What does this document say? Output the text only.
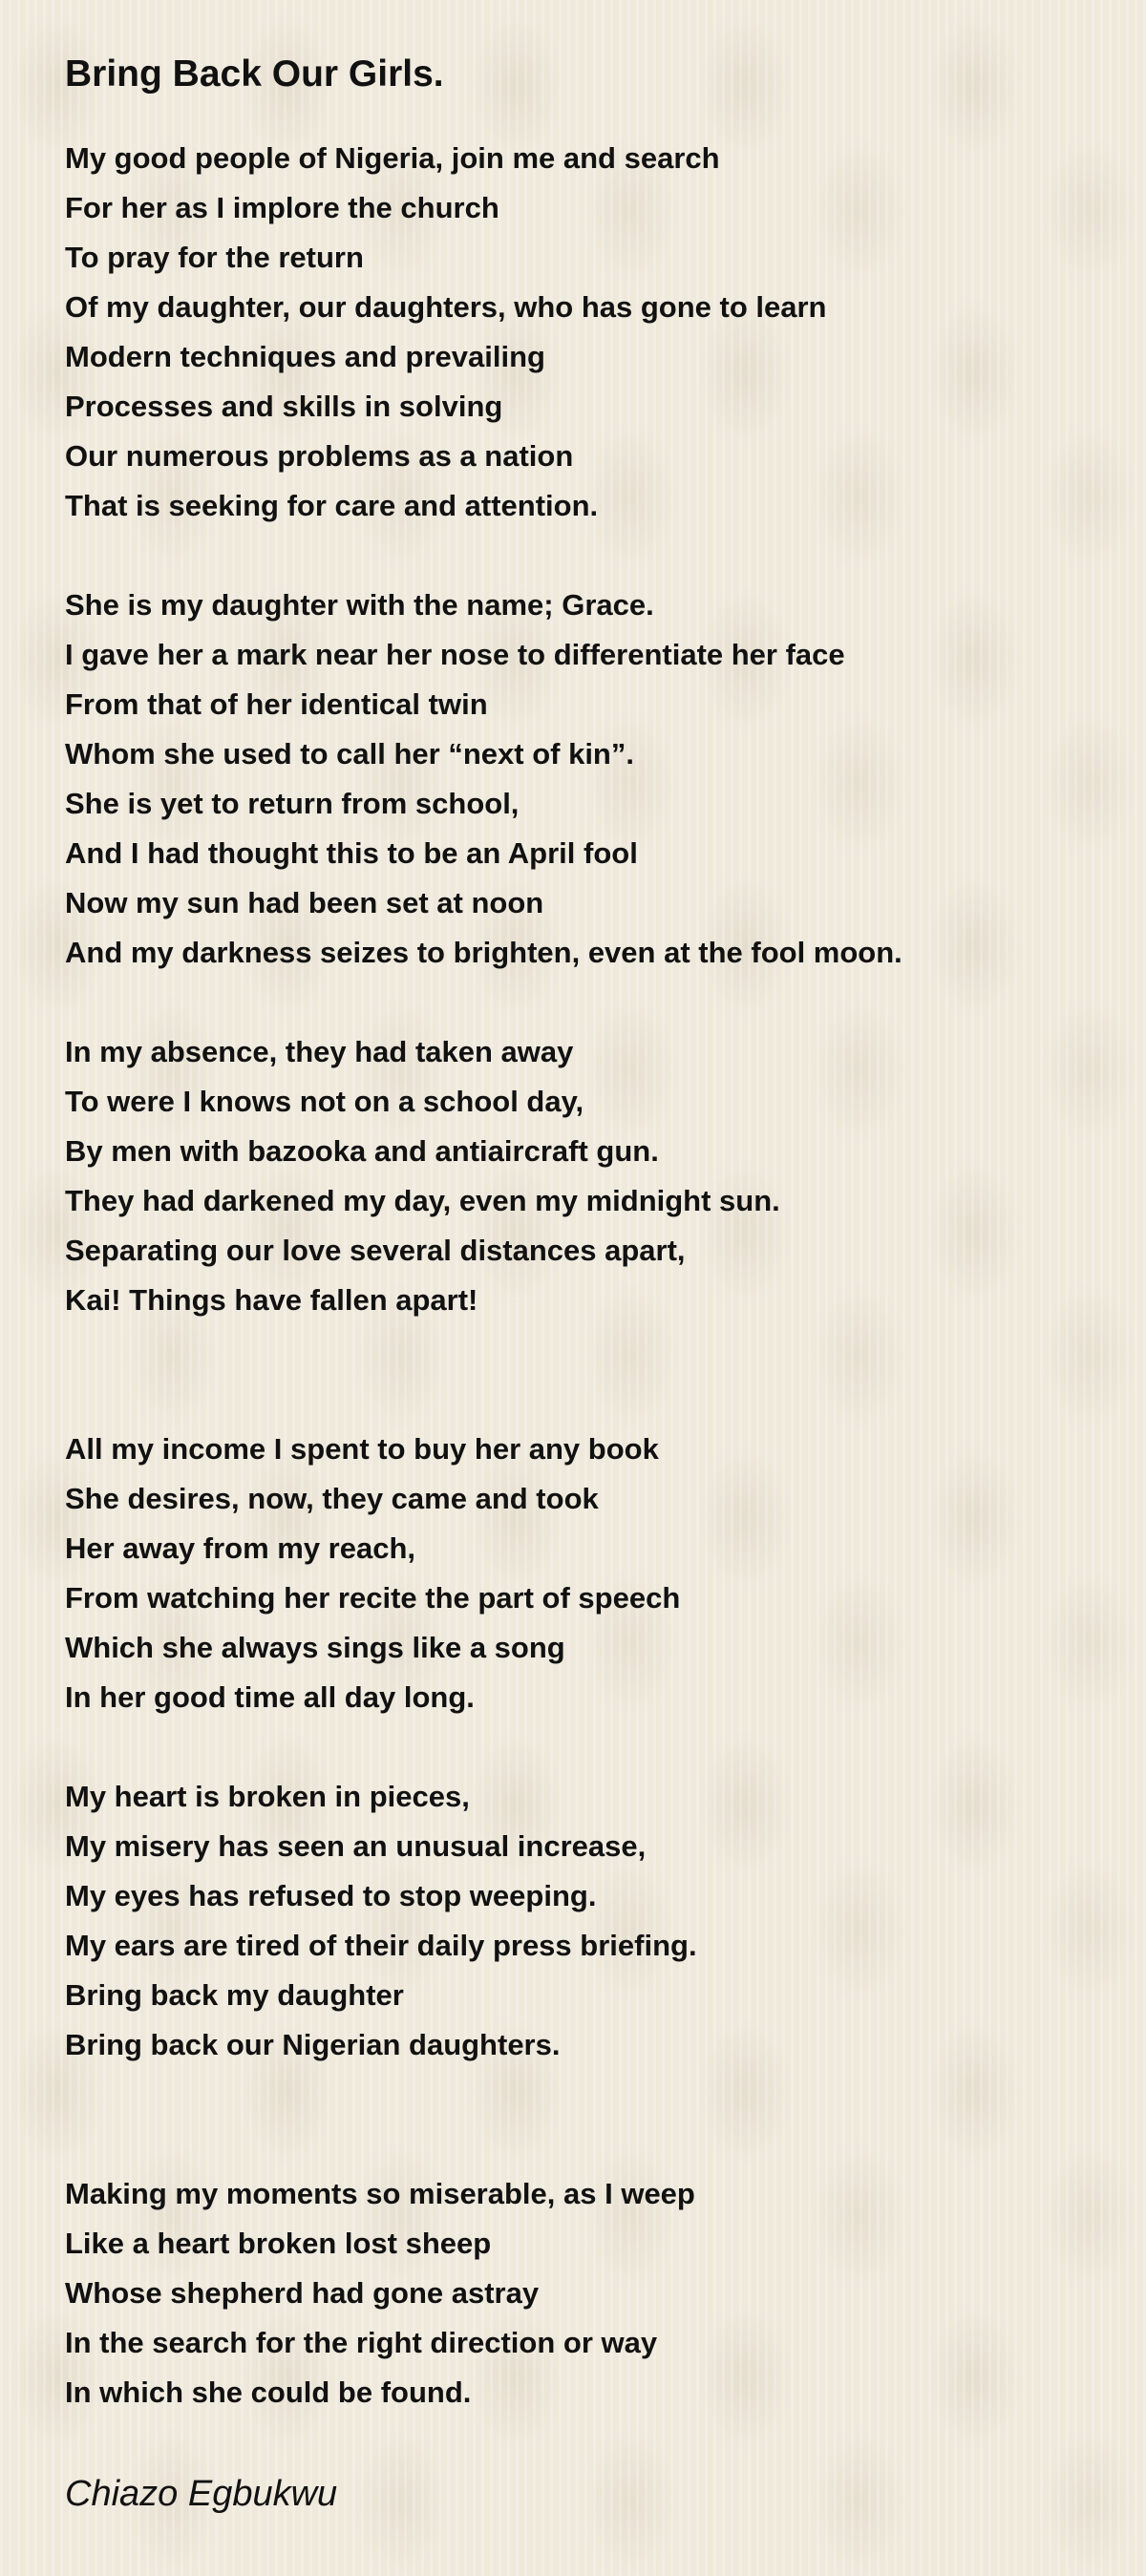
Bring Back Our Girls.
My good people of Nigeria, join me and search
For her as I implore the church
To pray for the return
Of my daughter, our daughters, who has gone to learn
Modern techniques and prevailing
Processes and skills in solving
Our numerous problems as a nation
That is seeking for care and attention.
She is my daughter with the name; Grace.
I gave her a mark near her nose to differentiate her face
From that of her identical twin
Whom she used to call her “next of kin”.
She is yet to return from school,
And I had thought this to be an April fool
Now my sun had been set at noon
And my darkness seizes to brighten, even at the fool moon.
In my absence, they had taken away
To were I knows not on a school day,
By men with bazooka and antiaircraft gun.
They had darkened my day, even my midnight sun.
Separating our love several distances apart,
Kai! Things have fallen apart!
All my income I spent to buy her any book
She desires, now, they came and took
Her away from my reach,
From watching her recite the part of speech
Which she always sings like a song
In her good time all day long.
My heart is broken in pieces,
My misery has seen an unusual increase,
My eyes has refused to stop weeping.
My ears are tired of their daily press briefing.
Bring back my daughter
Bring back our Nigerian daughters.
Making my moments so miserable, as I weep
Like a heart broken lost sheep
Whose shepherd had gone astray
In the search for the right direction or way
In which she could be found.
Chiazo Egbukwu
